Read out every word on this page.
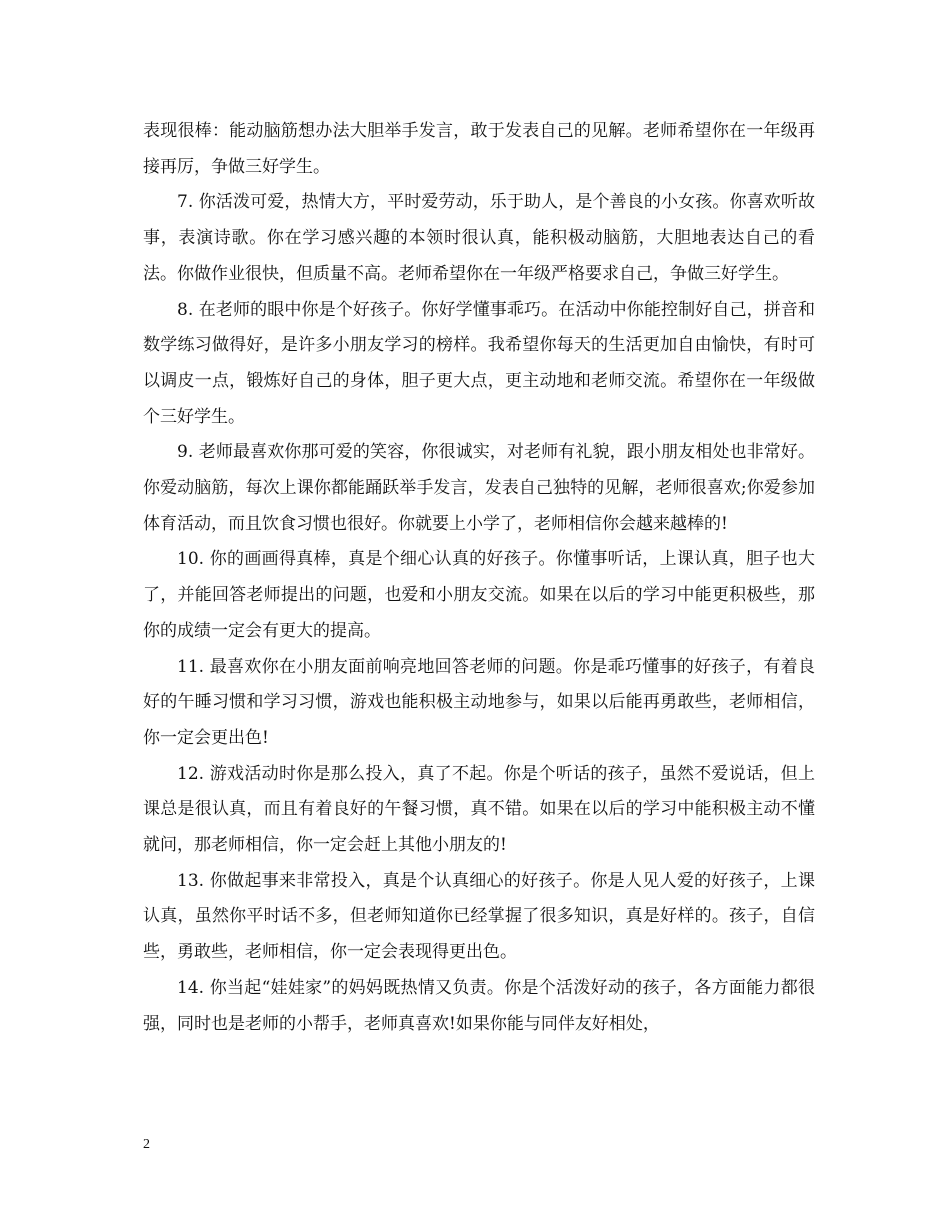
表现很棒：能动脑筋想办法大胆举手发言，敢于发表自己的见解。老师希望你在一年级再接再厉，争做三好学生。

7. 你活泼可爱，热情大方，平时爱劳动，乐于助人，是个善良的小女孩。你喜欢听故事，表演诗歌。你在学习感兴趣的本领时很认真，能积极动脑筋，大胆地表达自己的看法。你做作业很快，但质量不高。老师希望你在一年级严格要求自己，争做三好学生。

8. 在老师的眼中你是个好孩子。你好学懂事乖巧。在活动中你能控制好自己，拼音和数学练习做得好，是许多小朋友学习的榜样。我希望你每天的生活更加自由愉快，有时可以调皮一点，锻炼好自己的身体，胆子更大点，更主动地和老师交流。希望你在一年级做个三好学生。

9. 老师最喜欢你那可爱的笑容，你很诚实，对老师有礼貌，跟小朋友相处也非常好。你爱动脑筋，每次上课你都能踊跃举手发言，发表自己独特的见解，老师很喜欢;你爱参加体育活动，而且饮食习惯也很好。你就要上小学了，老师相信你会越来越棒的!

10. 你的画画得真棒，真是个细心认真的好孩子。你懂事听话，上课认真，胆子也大了，并能回答老师提出的问题，也爱和小朋友交流。如果在以后的学习中能更积极些，那你的成绩一定会有更大的提高。

11. 最喜欢你在小朋友面前响亮地回答老师的问题。你是乖巧懂事的好孩子，有着良好的午睡习惯和学习习惯，游戏也能积极主动地参与，如果以后能再勇敢些，老师相信，你一定会更出色!

12. 游戏活动时你是那么投入，真了不起。你是个听话的孩子，虽然不爱说话，但上课总是很认真，而且有着良好的午餐习惯，真不错。如果在以后的学习中能积极主动不懂就问，那老师相信，你一定会赶上其他小朋友的!

13. 你做起事来非常投入，真是个认真细心的好孩子。你是人见人爱的好孩子，上课认真，虽然你平时话不多，但老师知道你已经掌握了很多知识，真是好样的。孩子，自信些，勇敢些，老师相信，你一定会表现得更出色。

14. 你当起“娃娃家”的妈妈既热情又负责。你是个活泼好动的孩子，各方面能力都很强，同时也是老师的小帮手，老师真喜欢!如果你能与同伴友好相处，

2
